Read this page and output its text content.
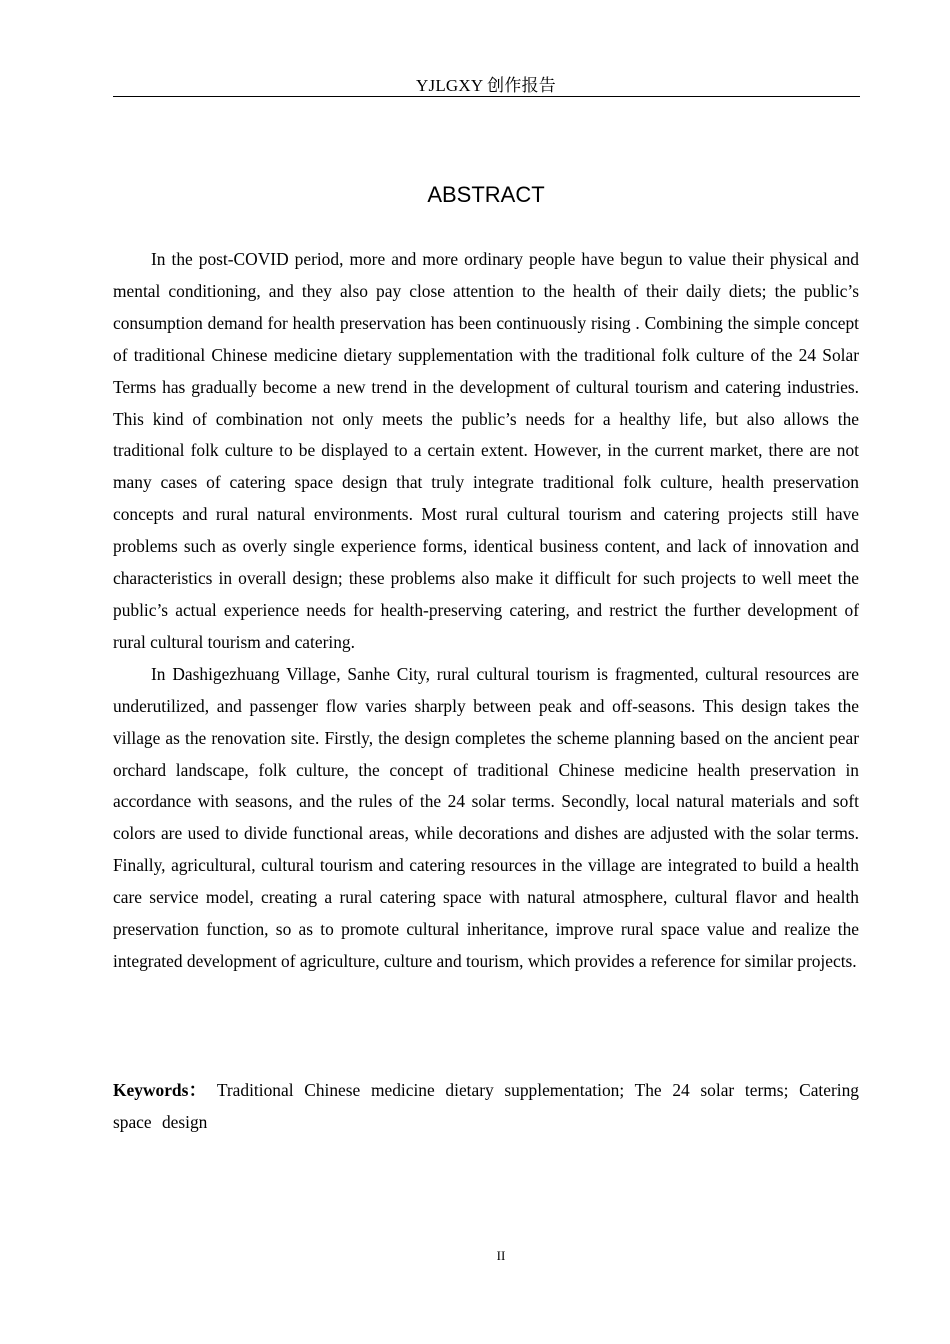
YJLGXY 创作报告
ABSTRACT

In the post-COVID period, more and more ordinary people have begun to value their physical and mental conditioning, and they also pay close attention to the health of their daily diets; the public’s consumption demand for health preservation has been continuously rising . Combining the simple concept of traditional Chinese medicine dietary supplementation with the traditional folk culture of the 24 Solar Terms has gradually become a new trend in the development of cultural tourism and catering industries. This kind of combination not only meets the public’s needs for a healthy life, but also allows the traditional folk culture to be displayed to a certain extent. However, in the current market, there are not many cases of catering space design that truly integrate traditional folk culture, health preservation concepts and rural natural environments. Most rural cultural tourism and catering projects still have problems such as overly single experience forms, identical business content, and lack of innovation and characteristics in overall design; these problems also make it difficult for such projects to well meet the public’s actual experience needs for health-preserving catering, and restrict the further development of rural cultural tourism and catering.

In Dashigezhuang Village, Sanhe City, rural cultural tourism is fragmented, cultural resources are underutilized, and passenger flow varies sharply between peak and off-seasons. This design takes the village as the renovation site. Firstly, the design completes the scheme planning based on the ancient pear orchard landscape, folk culture, the concept of traditional Chinese medicine health preservation in accordance with seasons, and the rules of the 24 solar terms. Secondly, local natural materials and soft colors are used to divide functional areas, while decorations and dishes are adjusted with the solar terms. Finally, agricultural, cultural tourism and catering resources in the village are integrated to build a health care service model, creating a rural catering space with natural atmosphere, cultural flavor and health preservation function, so as to promote cultural inheritance, improve rural space value and realize the integrated development of agriculture, culture and tourism, which provides a reference for similar projects.

Keywords： Traditional Chinese medicine dietary supplementation; The 24 solar terms; Catering space design

II
